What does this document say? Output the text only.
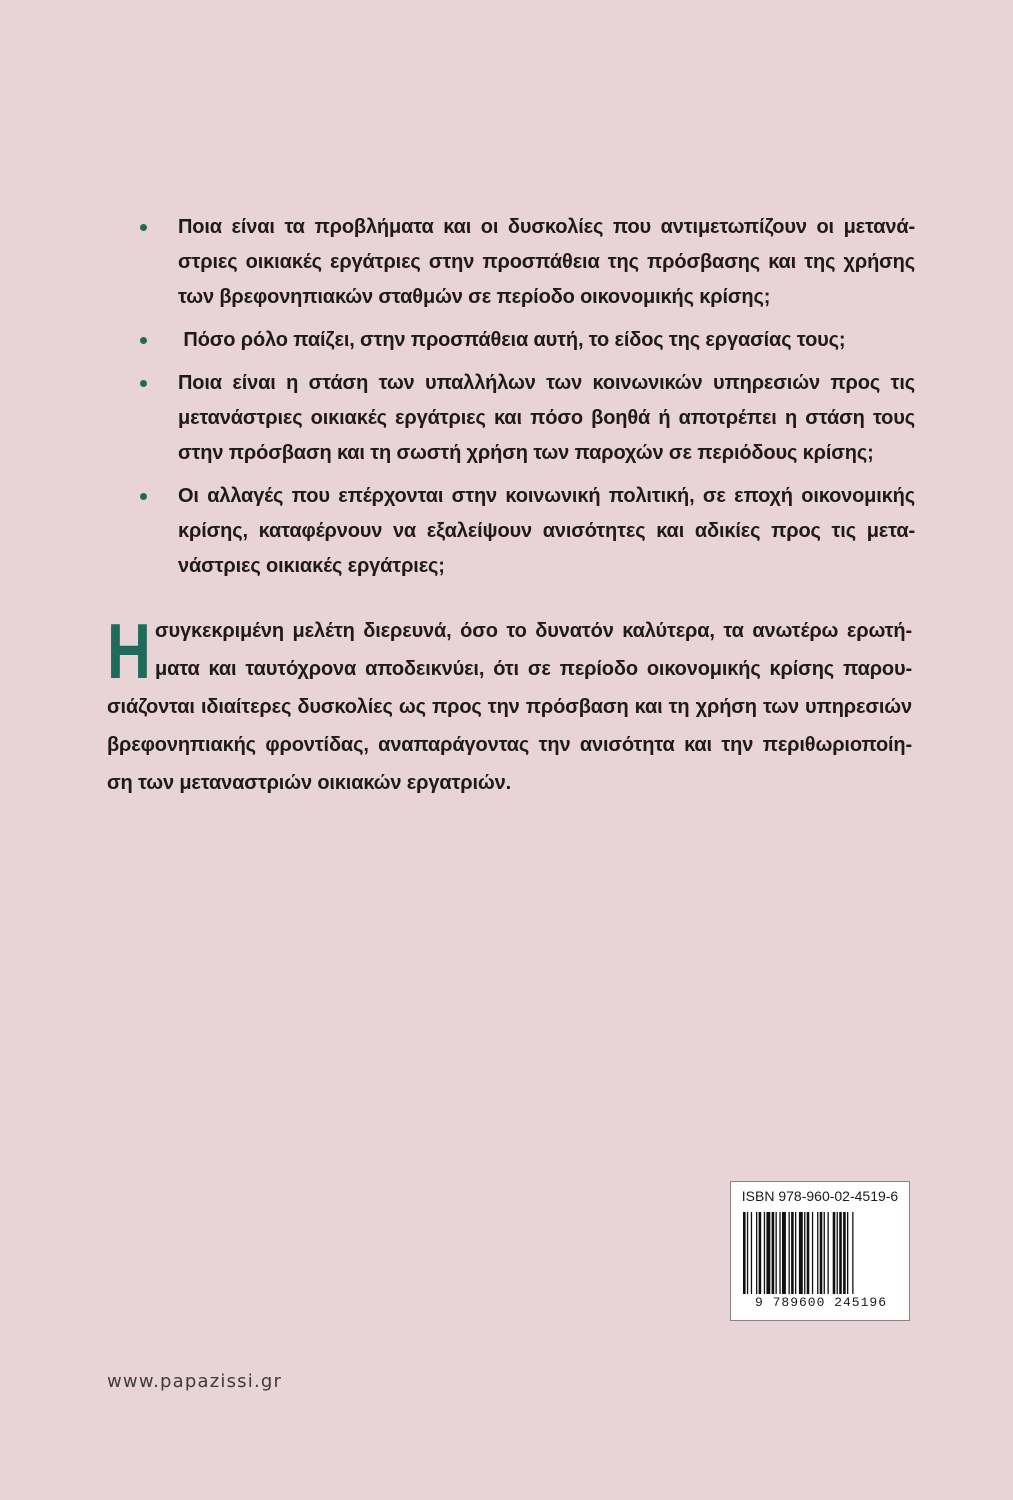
Ποια είναι τα προβλήματα και οι δυσκολίες που αντιμετωπίζουν οι μετανά-
στριες οικιακές εργάτριες στην προσπάθεια της πρόσβασης και της χρήσης
των βρεφονηπιακών σταθμών σε περίοδο οικονομικής κρίσης;
Πόσο ρόλο παίζει, στην προσπάθεια αυτή, το είδος της εργασίας τους;
Ποια είναι η στάση των υπαλλήλων των κοινωνικών υπηρεσιών προς τις
μετανάστριες οικιακές εργάτριες και πόσο βοηθά ή αποτρέπει η στάση τους
στην πρόσβαση και τη σωστή χρήση των παροχών σε περιόδους κρίσης;
Οι αλλαγές που επέρχονται στην κοινωνική πολιτική, σε εποχή οικονομικής
κρίσης, καταφέρνουν να εξαλείψουν ανισότητες και αδικίες προς τις μετα-
νάστριες οικιακές εργάτριες;
Η συγκεκριμένη μελέτη διερευνά, όσο το δυνατόν καλύτερα, τα ανωτέρω ερωτή-
ματα και ταυτόχρονα αποδεικνύει, ότι σε περίοδο οικονομικής κρίσης παρου-
σιάζονται ιδιαίτερες δυσκολίες ως προς την πρόσβαση και τη χρήση των υπηρεσιών
βρεφονηπιακής φροντίδας, αναπαράγοντας την ανισότητα και την περιθωριοποίη-
ση των μεταναστριών οικιακών εργατριών.
ISBN 978-960-02-4519-6
9 789600 245196
www.papazissi.gr
